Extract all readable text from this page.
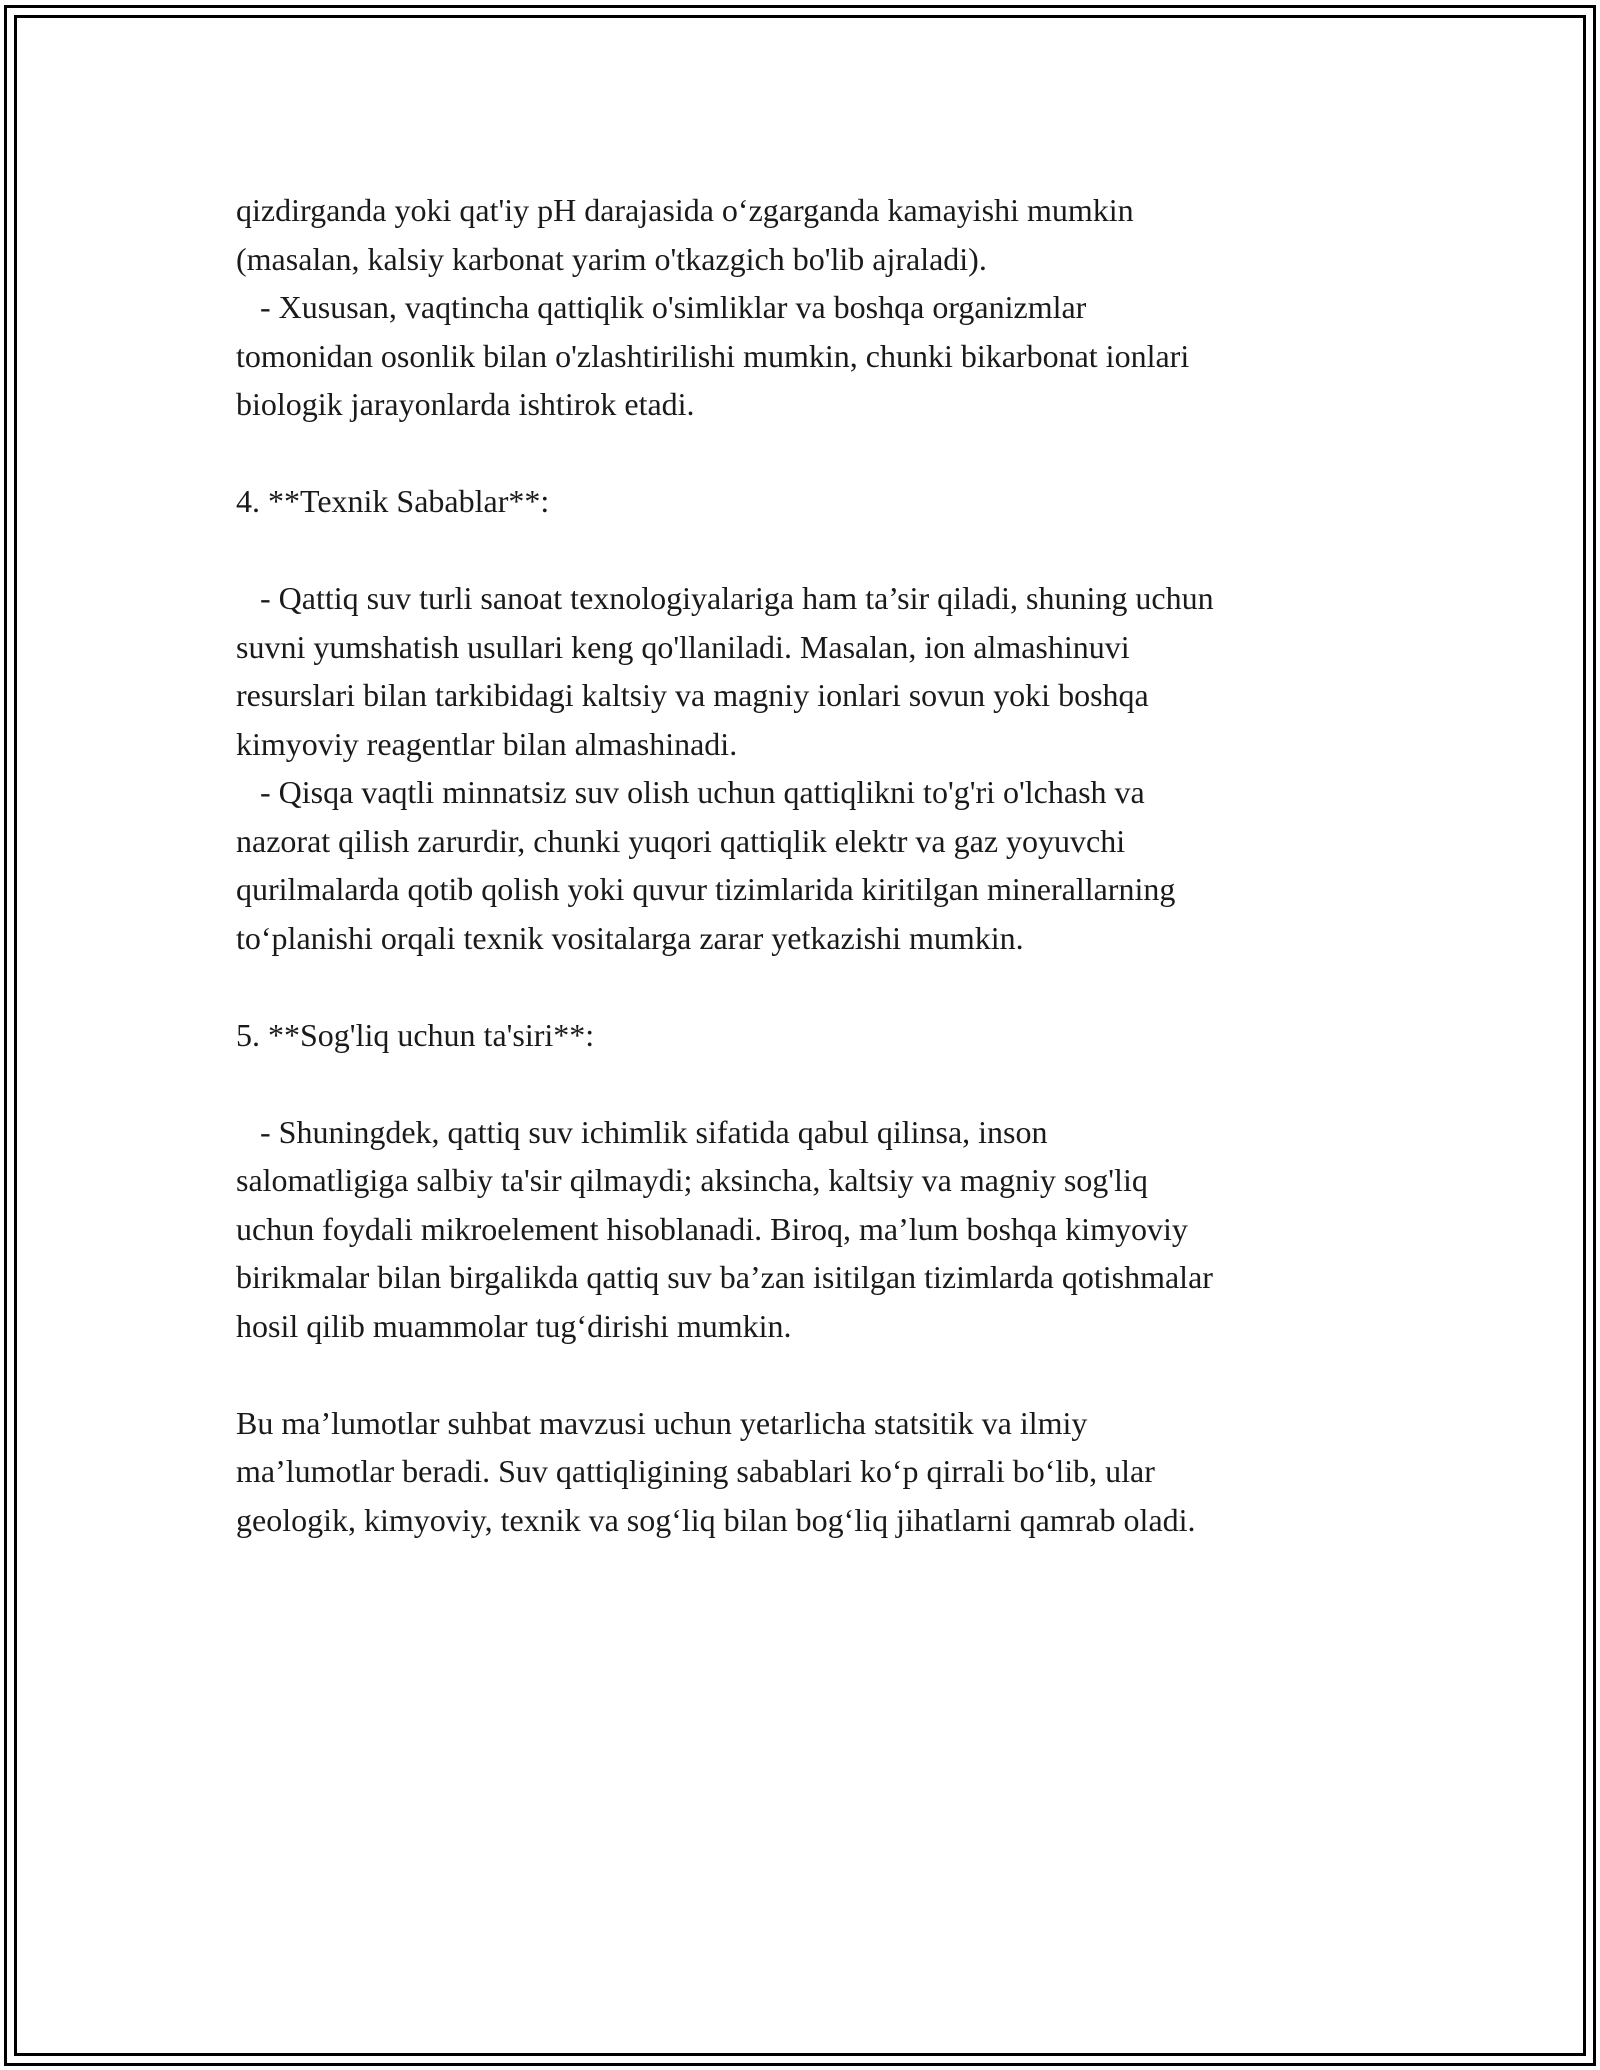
qizdirganda yoki qat'iy pH darajasida o‘zgarganda kamayishi mumkin
(masalan, kalsiy karbonat yarim o'tkazgich bo'lib ajraladi).
- Xususan, vaqtincha qattiqlik o'simliklar va boshqa organizmlar
tomonidan osonlik bilan o'zlashtirilishi mumkin, chunki bikarbonat ionlari
biologik jarayonlarda ishtirok etadi.
4. **Texnik Sabablar**:
- Qattiq suv turli sanoat texnologiyalariga ham ta’sir qiladi, shuning uchun
suvni yumshatish usullari keng qo'llaniladi. Masalan, ion almashinuvi
resurslari bilan tarkibidagi kaltsiy va magniy ionlari sovun yoki boshqa
kimyoviy reagentlar bilan almashinadi.
- Qisqa vaqtli minnatsiz suv olish uchun qattiqlikni to'g'ri o'lchash va
nazorat qilish zarurdir, chunki yuqori qattiqlik elektr va gaz yoyuvchi
qurilmalarda qotib qolish yoki quvur tizimlarida kiritilgan minerallarning
to‘planishi orqali texnik vositalarga zarar yetkazishi mumkin.
5. **Sog'liq uchun ta'siri**:
- Shuningdek, qattiq suv ichimlik sifatida qabul qilinsa, inson
salomatligiga salbiy ta'sir qilmaydi; aksincha, kaltsiy va magniy sog'liq
uchun foydali mikroelement hisoblanadi. Biroq, ma’lum boshqa kimyoviy
birikmalar bilan birgalikda qattiq suv ba’zan isitilgan tizimlarda qotishmalar
hosil qilib muammolar tug‘dirishi mumkin.
Bu ma’lumotlar suhbat mavzusi uchun yetarlicha statsitik va ilmiy
ma’lumotlar beradi. Suv qattiqligining sabablari ko‘p qirrali bo‘lib, ular
geologik, kimyoviy, texnik va sog‘liq bilan bog‘liq jihatlarni qamrab oladi.
